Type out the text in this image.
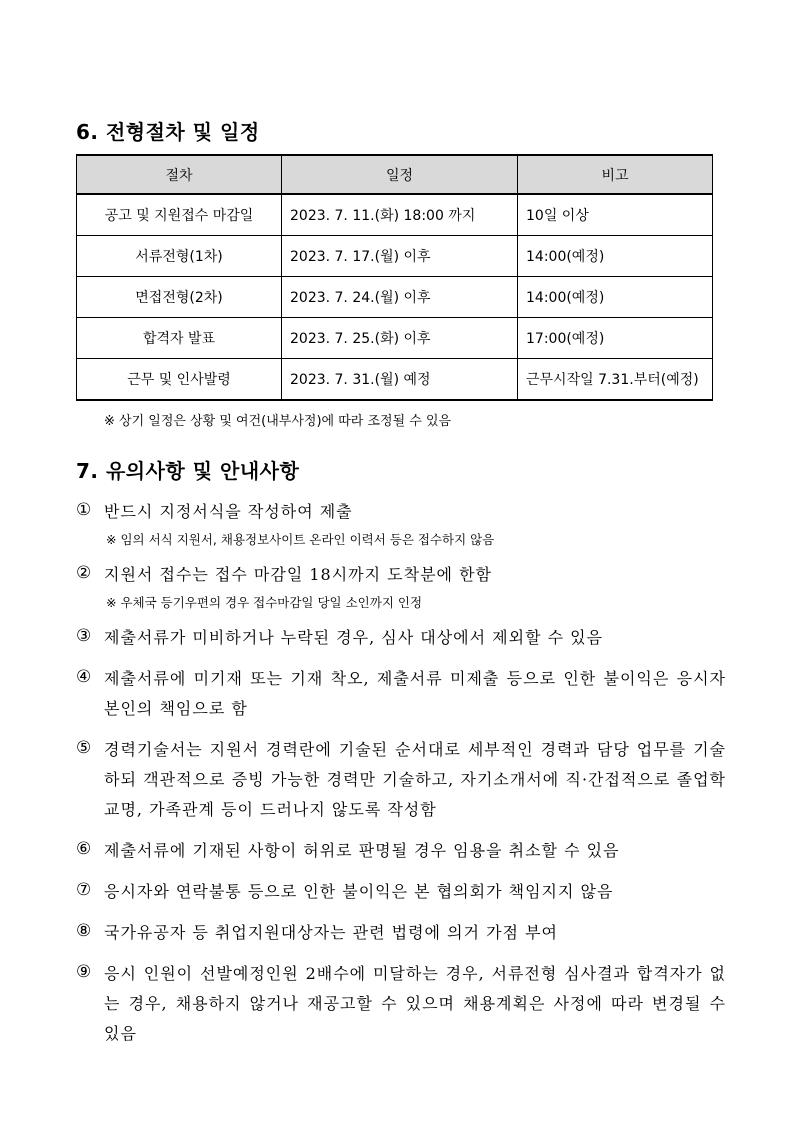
6. 전형절차 및 일정
절차	일정	비고
공고 및 지원접수 마감일	2023. 7. 11.(화) 18:00 까지	10일 이상
서류전형(1차)	2023. 7. 17.(월) 이후	14:00(예정)
면접전형(2차)	2023. 7. 24.(월) 이후	14:00(예정)
합격자 발표	2023. 7. 25.(화) 이후	17:00(예정)
근무 및 인사발령	2023. 7. 31.(월) 예정	근무시작일 7.31.부터(예정)
※ 상기 일정은 상황 및 여건(내부사정)에 따라 조정될 수 있음
7. 유의사항 및 안내사항
① 반드시 지정서식을 작성하여 제출
※ 임의 서식 지원서, 채용정보사이트 온라인 이력서 등은 접수하지 않음
② 지원서 접수는 접수 마감일 18시까지 도착분에 한함
※ 우체국 등기우편의 경우 접수마감일 당일 소인까지 인정
③ 제출서류가 미비하거나 누락된 경우, 심사 대상에서 제외할 수 있음
④ 제출서류에 미기재 또는 기재 착오, 제출서류 미제출 등으로 인한 불이익은 응시자 본인의 책임으로 함
⑤ 경력기술서는 지원서 경력란에 기술된 순서대로 세부적인 경력과 담당 업무를 기술하되 객관적으로 증빙 가능한 경력만 기술하고, 자기소개서에 직·간접적으로 졸업학교명, 가족관계 등이 드러나지 않도록 작성함
⑥ 제출서류에 기재된 사항이 허위로 판명될 경우 임용을 취소할 수 있음
⑦ 응시자와 연락불통 등으로 인한 불이익은 본 협의회가 책임지지 않음
⑧ 국가유공자 등 취업지원대상자는 관련 법령에 의거 가점 부여
⑨ 응시 인원이 선발예정인원 2배수에 미달하는 경우, 서류전형 심사결과 합격자가 없는 경우, 채용하지 않거나 재공고할 수 있으며 채용계획은 사정에 따라 변경될 수 있음
